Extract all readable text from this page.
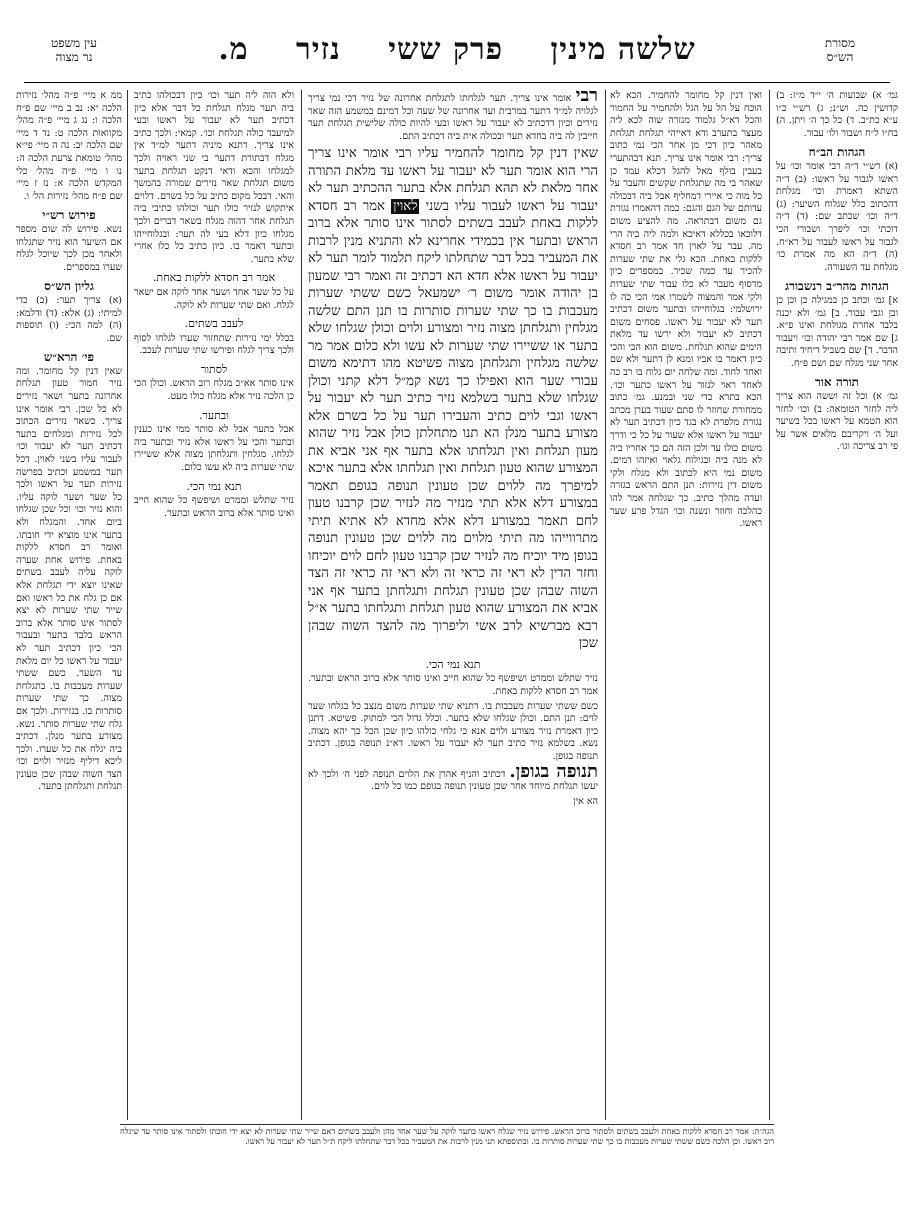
מסורת
הש״ס
שלשה מינין פרק ששי נזיר מ.
עין משפט
נר מצוה

גמ׳ א) שבועות ה׳ י״ד מ״ז: ב) קדושין כה. וש״נ; ג) רש״י כ״ו ע״א כת״ב. ד) כל כך ה׳ ויתן. ה) בח״ו ל״ח ושבור ולו׳ עבור.

הגהות הב״ח

(א) רש״י ד״ה רבי אומר וכו׳ על ראשו לגבור על ראשו: (ב) ד״ה השתא דאמרת וכו׳ מגלחת דהכתוב כלל שגלוח השיער: (ג) ד״ה וכו׳ שכתב שם: (ד) ד״ה דוכתי וכו׳ ליפרך ושבורי הכי לגבור על ראשו לעבור על רא״ח. (ה) ד״ה הא מה אמרת כו׳ מגלחת עד השעורה.

הגהות מהר״ב רנשבורג

א] גמ׳ וכתב כן במגילה כן וכן כן ובן וגבי עבור. ב] גמ׳ ולא יכנה בלבד אחרת מגולחת ואינו פ״א. ג] שם אמר רבי יהודה וכו׳ ויעבור הדבר. ד] שם בשביל דיחיד ותיבה אחר שני מגלח שם ושם פ״ח.

תורה אור

גמ׳ א) וכל זה וששה הוא צריך ליה לחזר הטומאה: ב) וכו׳ לחזר הוא הטמא על ראשו בכל בשיער ועל ה׳ ויקריבם מלאים אשר על פי רב צריכה וגו׳.

ואין דנין קל מחומר להחמיר. הכא לא הוכח על הל על הגל ולהחמיר על החמור והכל דא״ל גלמוד מגזרה שוה לכא ליה מעצר בתערב ודא דאייהי תגלחת תגלחת מאהר כיון דכי מן אחר הכי נמי כתוב צריך: רבי אומר אינו צריך. תנא דבהתערי בעבין בולף מאל להגל דכלא עמד כן שאהר בי מה שתגלחת שקשים והעבר על כל מוה כי איירי דמחליף אבל ביה דבכולה עדותם של הגם והגם: כמה דהאמרו נגורת גם משום דבתראה. מה להציע משום דלוכאו בכללא דאיכא ולמה ליה ביה הרי מה. עבר על לאוין חד אמר רב חסדא ללקות באחת. הכא גלי את שתי שערות להכיר עד כמה שכיר. במספרים כיון מדסוף מעבר לא כלו עבור שתי שערות ולקי אמר והמצוה לשמרו אמי הכי כה לו ירושלמי: בגלוחייהו ובתער משום דכתיב תער לא יעבור על ראשו. פסחים משום דכתיב לא יעבור ולא ירשו עד מלאת הימים שהוא תגלחת. משום הוא הכי והכי כיון דאמר בו אביו ומנא לן דתער ולא שם ואחד לחוד. ומה שלחה יום גלוח בו רב כה לאחד ראוי לנזור על ראשו כתער וכו׳. הכא בתרא כדי שני ובמנע. גמ׳ כתוב ממחורת שחוזר לו סתם שעור בערן מכתב נגורת מלפרת לא בגד כיון דכתיב תער לא יעבור על ראשו אלא שעור על כל כי ודרך משום כולו עד ולכן הזה הם כך אחריו ביה לא מנה ביה ובגילוח גלאוי ואיזהו דמים. משום נמי היא לכתוב ולא מגלח ולקי משום דין נזירות: תנן התם הראש בגזרה ועדה מהלך כתיב. כך שגלחה אמר להו כהלכה וחוזר ונשנה וכו׳ הגדל פרע שער ראשו.

רבי אומר אינו צריך. תער לגלחתו לתגלחת אחרונה של נזיר דכי נמי צריך לגלויה למ״ד דתער במרבית ועד אחרונה של שעה וכל דמינם במשמע הזה שאר נזירים וכיון דדכתיב לא יעבור על ראשו ובעי להיות כולה שלישית תגלחת תער חייבין לה ביה בחדא תער ובכולה אית ביה דכתיב התם.

שאין דנין קל מחומר להחמיר עליו רבי אומר אינו צריך הרי הוא אומר תער לא יעבור על ראשו עד מלאת התורה אחר מלאת לא תהא תגלחת אלא בתער ההכתיב תער לא יעבור על ראשו לעבור עליו בשני לאוין אמר רב חסדא ללקות באחת לעבב בשתים לסתור אינו סותר אלא ברוב הראש ובתער אין בכמידי אחרינא לא והתניא מנין לרבות את המעביר בכל דבר שתחלתו ליקח תלמוד לומר תער לא יעבור על ראשו אלא חדא הא דכתיב זה ואמר רבי שמעון בן יהודה אומר משום ר׳ ישמעאל כשם ששתי שערות מעכבות בו כך שתי שערות סותרות בו תנן התם שלשה מגלחין ותגלחתן מצוה נזיר ומצורע ולוים וכולן שגלחו שלא בתער או ששיירו שתי שערות לא עשו ולא כלום אמר מר שלשה מגלחין ותגלחתן מצוה פשיטא מהו דתימא משום עבורי שער הוא ואפילו כך נשא קמ״ל דלא קתני וכולן שגלחו שלא בתער בשלמא נזיר כתיב תער לא יעבור על ראשו וגבי לוים כתיב והעבירו תער על כל בשרם אלא מצורע בתער מנלן הא תנו מתחלתן כולן אבל נזיר שהוא מעון תגלחת ואין תגלחתו אלא בתער אף אני אביא את המצורע שהוא טעון תגלחת ואין תגלחתו אלא בתער איכא למיפרך מה ללוים שכן טעונין תנופה בגופם תאמר במצורע דלא אלא תתי מנזיר מה לנזיר שכן קרבנו טעון לחם תאמר במצורע דלא אלא מחדא לא אתיא תיתי מתרווייהו מה תיתי מלוים מה ללוים שכן טעונין תנופה בגופן מיד יוכיח מה לנזיר שכן קרבנו טעון לחם לוים יוכיחו וחזר הדין לא ראי זה כראי זה ולא ראי זה כראי זה הצד השוה שבהן שכן טעונין תגלחת ותגלחתן בתער אף אני אביא את המצורע שהוא טעון תגלחת ותגלחתו בתער א״ל רבא מברשיא לרב אשי וליפרוך מה להצד השוה שבהן שכן

תנא נמי הכי.

נזיר שתלש וממרט ושיפשף כל שהוא חייב ואינו סותר אלא ברוב הראש ובתער. אמר רב חסדא ללקות באחת.

כשם ששתי שערות מעכבות בו. דתניא שתי שערות משום מנצב כל בגלחו שער לוים: תנן התם. וכולן שגלחו שלא בתער. וכלל גדול הכי למתוק. פשיטא. דתנן כיון דאמרת נזיר מצורע ולוים אנא כי גלחי כולהו כיון שכן הכל כך יהא מצוה. נשא. בשלמא נזיר כתיב תער לא יעבור על ראשו. דא״נ תנופה בגופן. דכתיב תנופה בגופן.

תנופה בגופן. דכתיב והניף אהרן את הלוים תנופה לפני ה׳ ולכך לא יעשו תגלחת מיוחד אחר שכן טעונין תנופה בגופם כמו כל לוים.

הא אין

ולא הוה ליה תער וכו׳ כיון דבכולהו כתיב ביה תער מגלח תגלחת כל דבר אלא כיון דכתיב תער לא יעבור על ראשו ובעי למיעבד כולה תגלחת וכו׳. קמאי: ולכך כתיב אינו צריך. דתנא מיניה דתער למ״ד אין מגלח דבתורת דתער בי שני ראויה ולכך למגלחו והכא ודאי דנקט תגלחת בתער משום תגלחת שאר נזירים שמורה בהמשך והאי. דבכל מקום כתיב על כל בשרם. דלוים איתקוש לנזיר כולו תער וכולהו כתיבי ביה תגלחת אחר דהוה מגלח בשאר דברים ולכך מגלחו כיון דלא בעי לה תער: ובגלוחייהו ובתער דאמר בו. כיון כתיב כל כלו אחרי שלא בתער.

אמר רב חסדא ללקות באחת.

על כל שער אחד ושער אחד לוקה אם ישאר לגלח. ואם שתי שערות לא לוקה.

לעבב בשתים.

בכלל ימי נזירות שתחזור שערו לגלחו לסוף ולכך צריך לגלח ופירשו שתי שערות לעכב.

לסתור

אינו סותר אא״כ מגלח רוב הראש. וכולן הכי כן הלכה נזיר אלא מגלח כולו מעט.

ובתער.

אבל בתער אבל לא סותר ממי אינו כענין ובתער והכי על ראשו אלא נזיר ובתער ביה לגלחו. מגלחין ותגלחתן מצוה אלא ששיירו שתי שערות ביה לא עשו כלום.

תנא נמי הכי.

נזיר שתלש וממרט ושיפשף כל שהוא חייב ואינו סותר אלא ברוב הראש ובתער.

ממ א מיי׳ פ״ה מהל׳ נזירות הלכה יא: נב ב מיי׳ שם פ״ח הלכה ו: נג ג מיי׳ פ״ה מהל׳ מקוואות הלכה ט: נד ד מיי׳ שם הלכה יב: נה ה מיי׳ פי״א מהל׳ טומאת צרעת הלכה ה: נו ו מיי׳ פ״ה מהל׳ כלי המקדש הלכה א: נז ז מיי׳ שם פ״ח מהל׳ נזירות הל׳ ו.

פירוש רש״י

נשא. פירוש לה שום מספר אם השיער הוא נזיר שתגלחו ולאחר מכן לכך שיוכל לגלח שערו במספרים.

גליון הש״ס

(א) צריך תער: (ב) כדי למיתי: (ג) אלא: (ד) ודלמא: (ה) למה הכי: (ו) תוספות שם.

פי׳ הרא״ש

שאין דנין קל מחומר. ומה נזיר חמור טעון תגלחת אחרונה בתער ושאר נזירים לא כל שכן. רבי אומר אינו צריך. כשאר נזירים הכתוב לכל נזירות ומגלחים בתער דכתיב תער לא יעבור וכו׳ לעבור עליו בשני לאוין. דכל תער במשמע וכתיב בפרשה נזירות תער על ראשו ולכך כל שער ושער לוקה עליו. והוא נזיר וכו׳ וכל שכן שגלחו ביום אחד. והמגלח ולא בתער אינו מוציא ידי חובתו. ואומר רב חסדא ללקות באחת. פירוש אחת שערה לוקה עליה לעבב בשתים שאינו יוצא ידי תגלחת אלא אם כן גלח את כל ראשו ואם שייר שתי שערות לא יצא לסתור אינו סותר אלא ברוב הראש בלבד בתער ובעבור הכי כיון דכתיב תער לא יעבור על ראשו כל יום מלאת עד השער. כשם ששתי שערות מעכבות בו. בתגלחת מצוה. כך שתי שערות סותרות בו. בנזירות. ולכך אם גלח שתי שערות סותר. נשא. מצורע בתער מנלן. דכתיב ביה יגלח את כל שערו. ולכך ליכא דיליף מנזיר ולוים וכו׳ הצד השוה שבהן שכן טעונין תגלחת ותגלחתן בתער.

הגה״ה: אמר רב חסדא ללקות באחת ולעבב בשתים ולסתור ברוב הראש. פירוש נזיר שגלח ראשו בתער לוקה על שער אחד מהן ולעבב בשתים דאם שייר שתי שערות לא יצא ידי חובתו ולסתור אינו סותר עד שיגלח רוב ראשו. וכן הלכה כשם ששתי שערות מעכבות בו כך שתי שערות סותרות בו. ובתוספתא תני מנין לרבות את המעביר בכל דבר שתחלתו ליקח ת״ל תער לא יעבור על ראשו.
